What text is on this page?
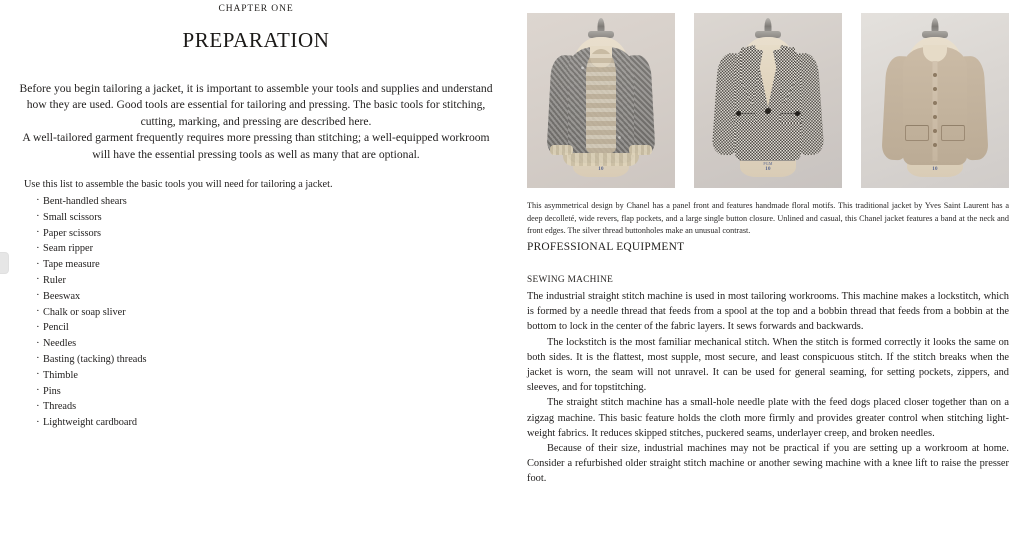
CHAPTER ONE
PREPARATION

Before you begin tailoring a jacket, it is important to assemble your tools and supplies and understand how they are used. Good tools are essential for tailoring and pressing. The basic tools for stitching, cutting, marking, and pressing are described here.

A well-tailored garment frequently requires more pressing than stitching; a well-equipped workroom will have the essential pressing tools as well as many that are optional.

Use this list to assemble the basic tools you will need for tailoring a jacket.
· Bent-handled shears
· Small scissors
· Paper scissors
· Seam ripper
· Tape measure
· Ruler
· Beeswax
· Chalk or soap sliver
· Pencil
· Needles
· Basting (tacking) threads
· Thimble
· Pins
· Threads
· Lightweight cardboard

10
PGM
10	10
This asymmetrical design by Chanel has a panel front and features handmade floral motifs. This traditional jacket by Yves Saint Laurent has a deep decolleté, wide revers, flap pockets, and a large single button closure. Unlined and casual, this Chanel jacket features a band at the neck and front edges. The silver thread buttonholes make an unusual contrast.
PROFESSIONAL EQUIPMENT
SEWING MACHINE

The industrial straight stitch machine is used in most tailoring workrooms. This machine makes a lockstitch, which is formed by a needle thread that feeds from a spool at the top and a bobbin thread that feeds from a bobbin at the bottom to lock in the center of the fabric layers. It sews forwards and backwards.

The lockstitch is the most familiar mechanical stitch. When the stitch is formed correctly it looks the same on both sides. It is the flattest, most supple, most secure, and least conspicuous stitch. If the stitch breaks when the jacket is worn, the seam will not unravel. It can be used for general seaming, for setting pockets, zippers, and sleeves, and for topstitching.

The straight stitch machine has a small-hole needle plate with the feed dogs placed closer together than on a zigzag machine. This basic feature holds the cloth more firmly and provides greater control when stitching light-weight fabrics. It reduces skipped stitches, puckered seams, underlayer creep, and broken needles.

Because of their size, industrial machines may not be practical if you are setting up a workroom at home. Consider a refurbished older straight stitch machine or another sewing machine with a knee lift to raise the presser foot.
